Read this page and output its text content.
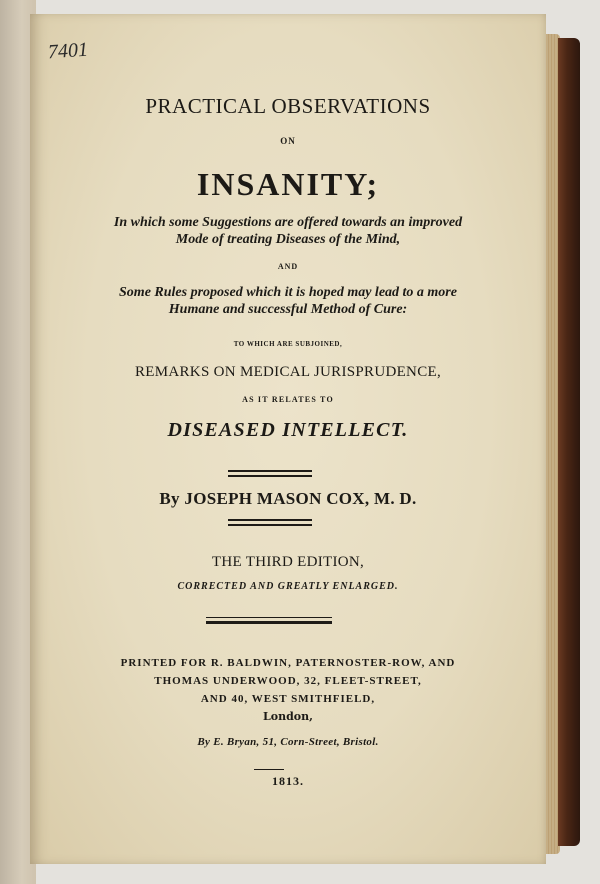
7401
PRACTICAL OBSERVATIONS
ON
INSANITY;
In which some Suggestions are offered towards an improved
Mode of treating Diseases of the Mind,
AND
Some Rules proposed which it is hoped may lead to a more
Humane and successful Method of Cure:
TO WHICH ARE SUBJOINED,
REMARKS ON MEDICAL JURISPRUDENCE,
AS IT RELATES TO
DISEASED INTELLECT.
By JOSEPH MASON COX, M. D.
THE THIRD EDITION,
CORRECTED AND GREATLY ENLARGED.
PRINTED FOR R. BALDWIN, PATERNOSTER-ROW, AND
THOMAS UNDERWOOD, 32, FLEET-STREET,
AND 40, WEST SMITHFIELD,
London,
By E. Bryan, 51, Corn-Street, Bristol.
1813.
